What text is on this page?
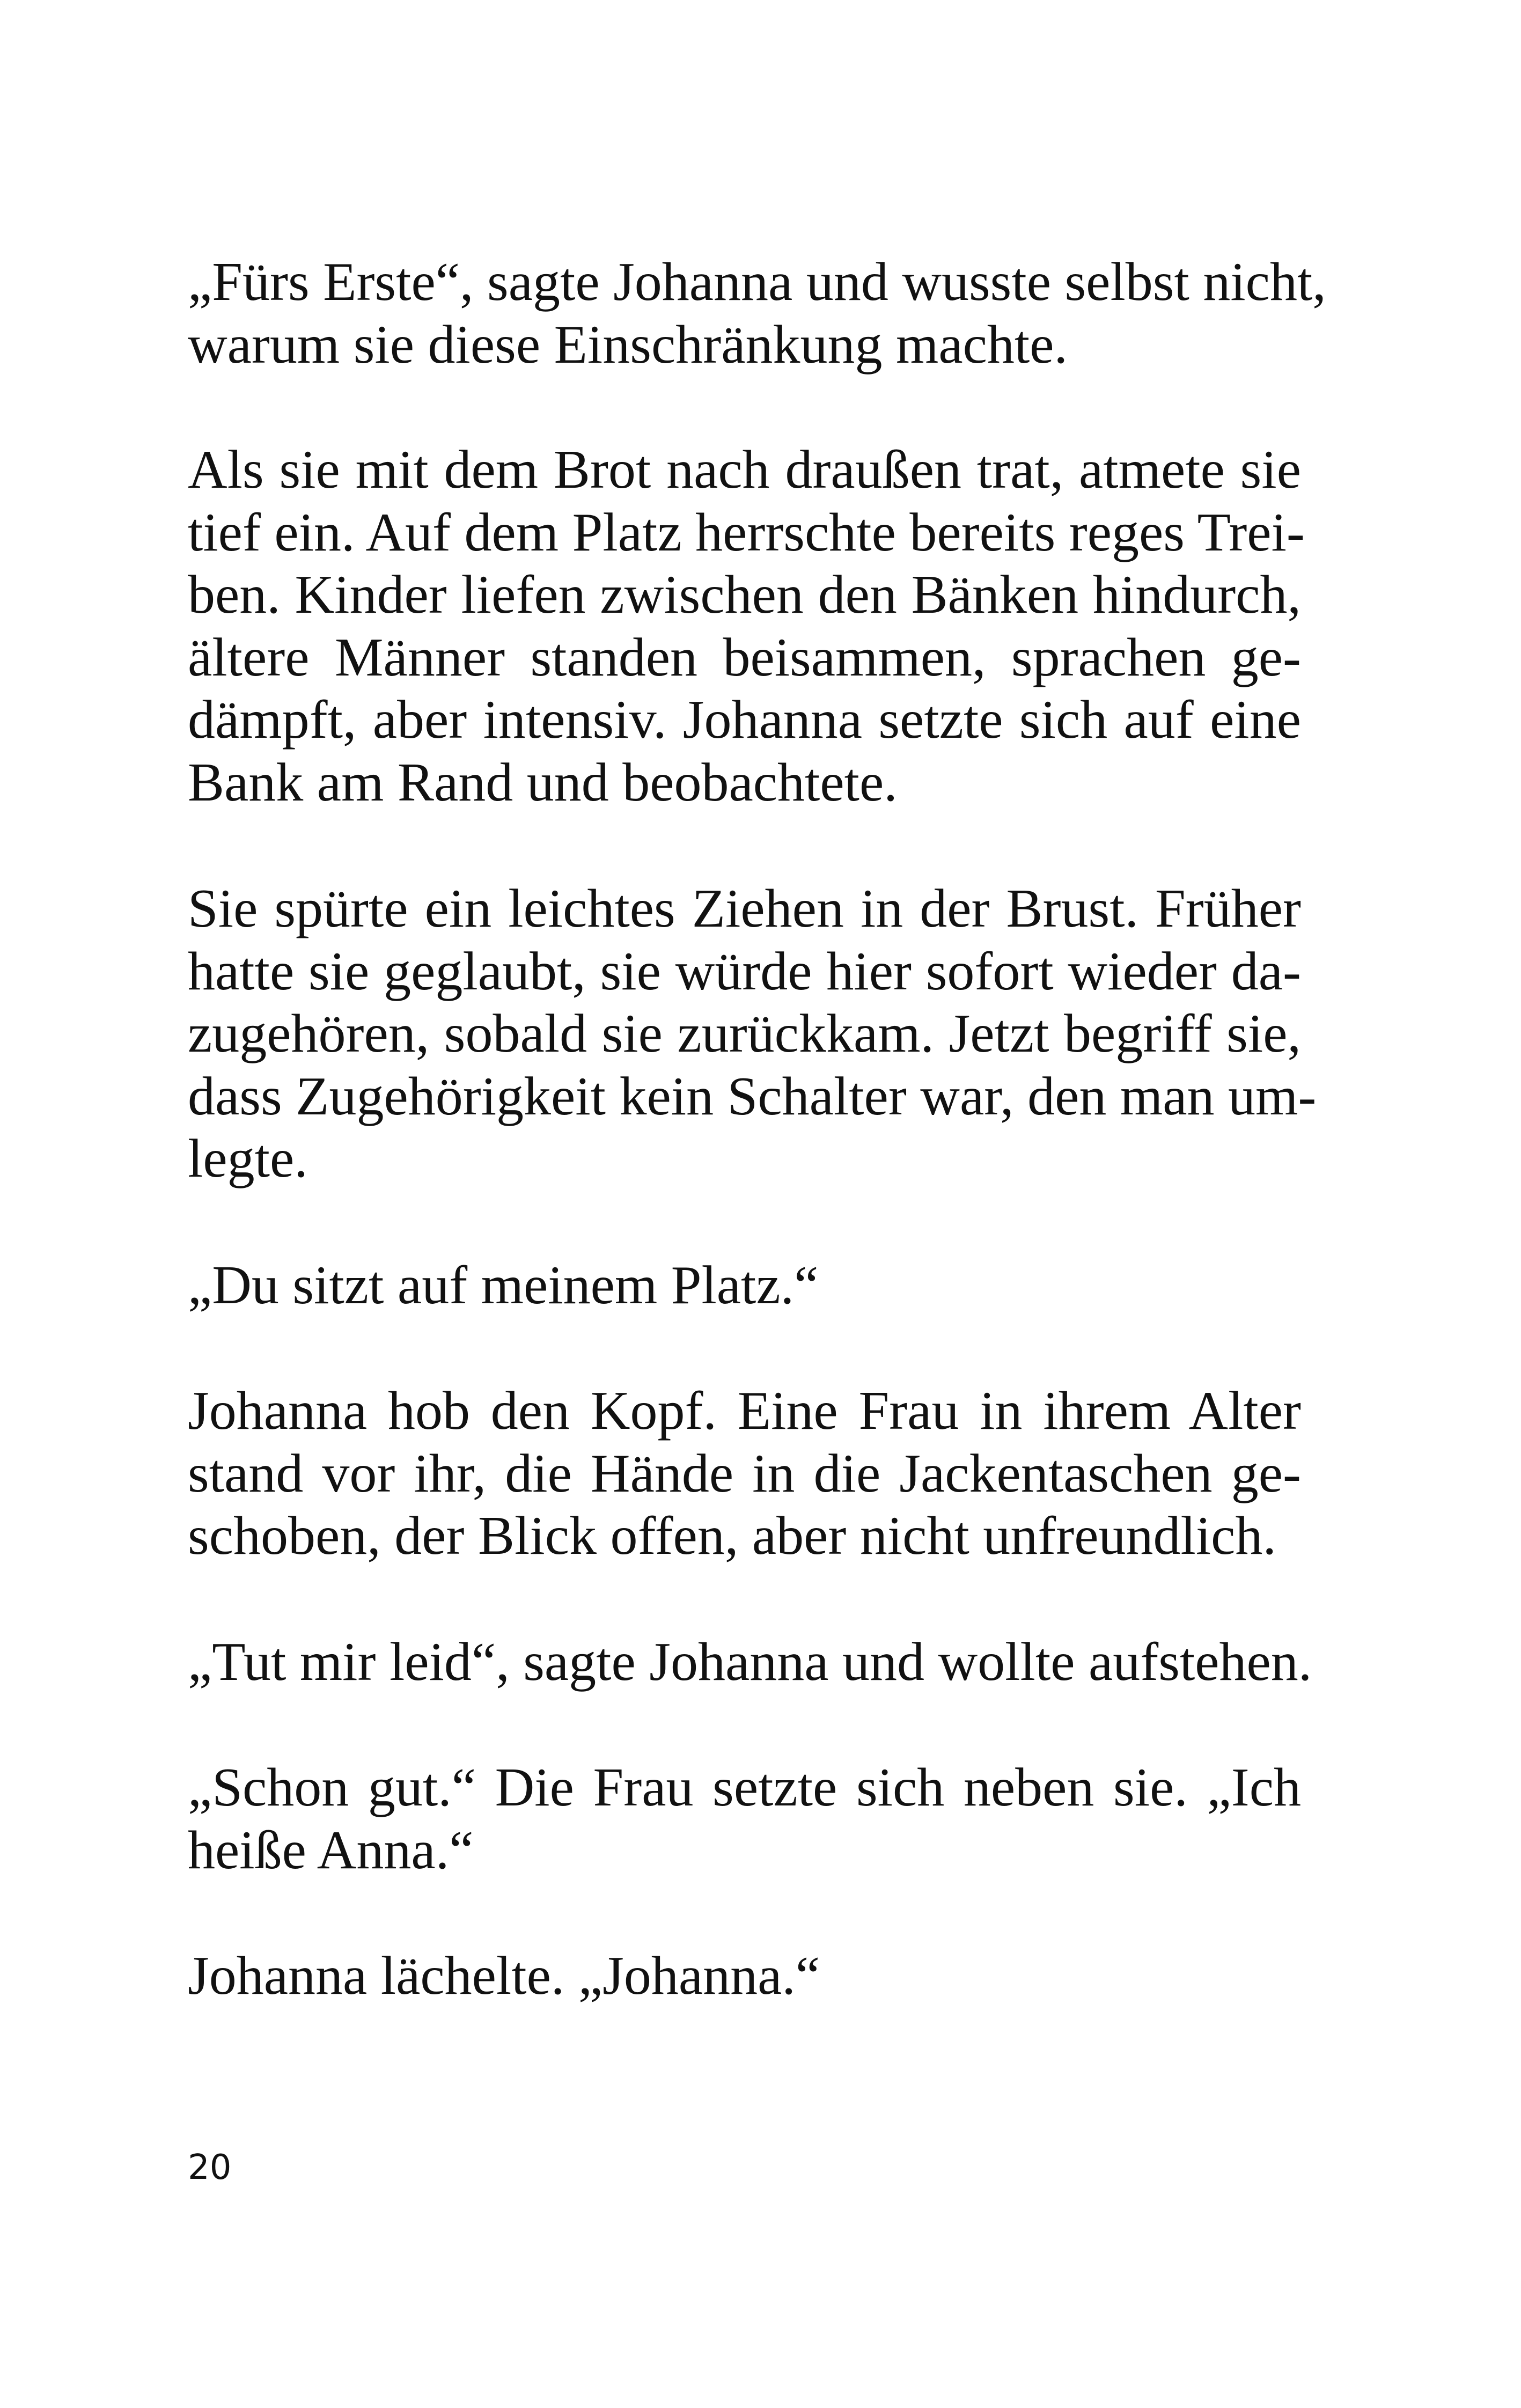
„Fürs Erste“, sagte Johanna und wusste selbst nicht,
warum sie diese Einschränkung machte.
Als sie mit dem Brot nach draußen trat, atmete sie
tief ein. Auf dem Platz herrschte bereits reges Trei-
ben. Kinder liefen zwischen den Bänken hindurch,
ältere Männer standen beisammen, sprachen ge-
dämpft, aber intensiv. Johanna setzte sich auf eine
Bank am Rand und beobachtete.
Sie spürte ein leichtes Ziehen in der Brust. Früher
hatte sie geglaubt, sie würde hier sofort wieder da-
zugehören, sobald sie zurückkam. Jetzt begriff sie,
dass Zugehörigkeit kein Schalter war, den man um-
legte.
„Du sitzt auf meinem Platz.“
Johanna hob den Kopf. Eine Frau in ihrem Alter
stand vor ihr, die Hände in die Jackentaschen ge-
schoben, der Blick offen, aber nicht unfreundlich.
„Tut mir leid“, sagte Johanna und wollte aufstehen.
„Schon gut.“ Die Frau setzte sich neben sie. „Ich
heiße Anna.“
Johanna lächelte. „Johanna.“
20
